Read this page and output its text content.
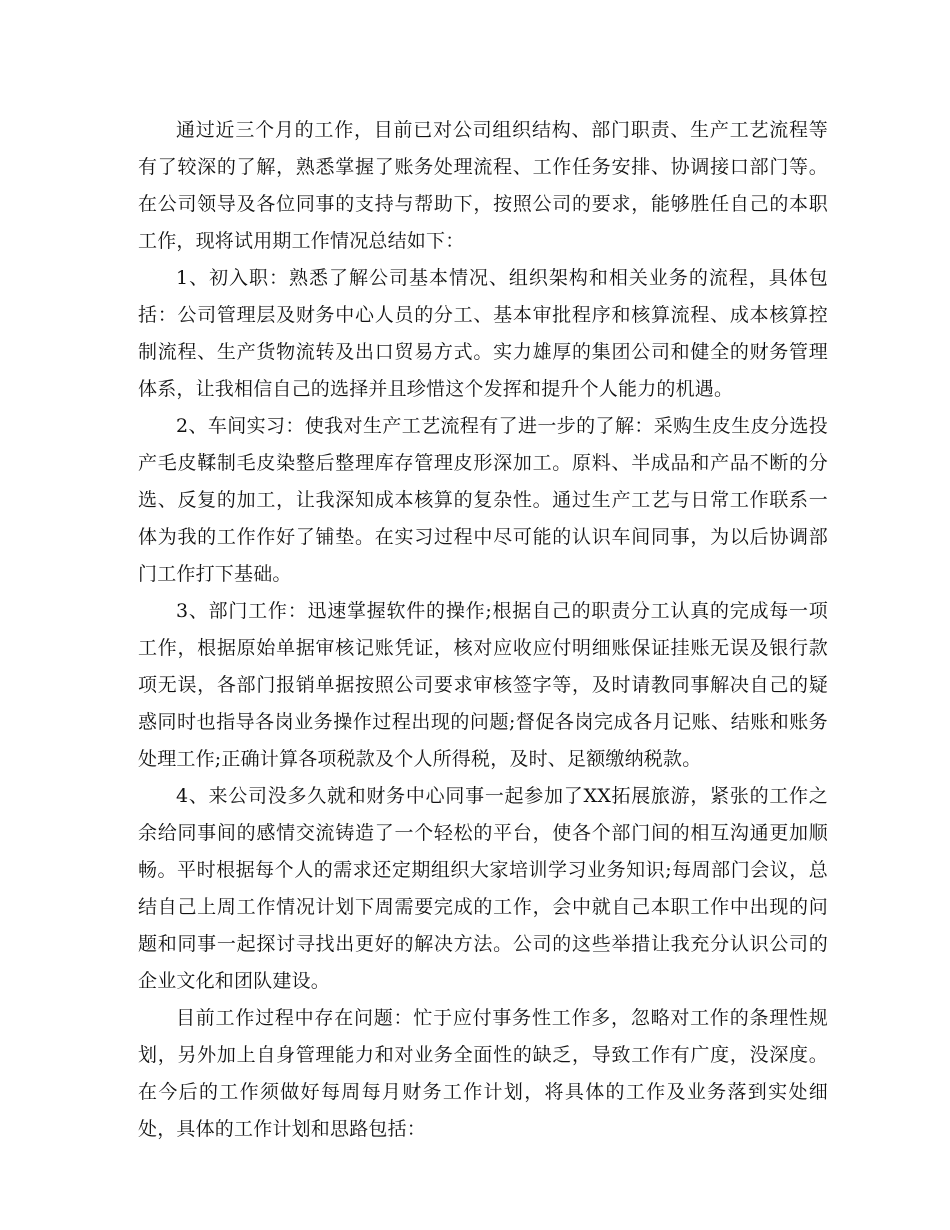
通过近三个月的工作，目前已对公司组织结构、部门职责、生产工艺流程等有了较深的了解，熟悉掌握了账务处理流程、工作任务安排、协调接口部门等。在公司领导及各位同事的支持与帮助下，按照公司的要求，能够胜任自己的本职工作，现将试用期工作情况总结如下：

1、初入职：熟悉了解公司基本情况、组织架构和相关业务的流程，具体包括：公司管理层及财务中心人员的分工、基本审批程序和核算流程、成本核算控制流程、生产货物流转及出口贸易方式。实力雄厚的集团公司和健全的财务管理体系，让我相信自己的选择并且珍惜这个发挥和提升个人能力的机遇。

2、车间实习：使我对生产工艺流程有了进一步的了解：采购生皮生皮分选投产毛皮鞣制毛皮染整后整理库存管理皮形深加工。原料、半成品和产品不断的分选、反复的加工，让我深知成本核算的复杂性。通过生产工艺与日常工作联系一体为我的工作作好了铺垫。在实习过程中尽可能的认识车间同事，为以后协调部门工作打下基础。

3、部门工作：迅速掌握软件的操作;根据自己的职责分工认真的完成每一项工作，根据原始单据审核记账凭证，核对应收应付明细账保证挂账无误及银行款项无误，各部门报销单据按照公司要求审核签字等，及时请教同事解决自己的疑惑同时也指导各岗业务操作过程出现的问题;督促各岗完成各月记账、结账和账务处理工作;正确计算各项税款及个人所得税，及时、足额缴纳税款。

4、来公司没多久就和财务中心同事一起参加了XX拓展旅游，紧张的工作之余给同事间的感情交流铸造了一个轻松的平台，使各个部门间的相互沟通更加顺畅。平时根据每个人的需求还定期组织大家培训学习业务知识;每周部门会议，总结自己上周工作情况计划下周需要完成的工作，会中就自己本职工作中出现的问题和同事一起探讨寻找出更好的解决方法。公司的这些举措让我充分认识公司的企业文化和团队建设。

目前工作过程中存在问题：忙于应付事务性工作多，忽略对工作的条理性规划，另外加上自身管理能力和对业务全面性的缺乏，导致工作有广度，没深度。在今后的工作须做好每周每月财务工作计划，将具体的工作及业务落到实处细处，具体的工作计划和思路包括：
